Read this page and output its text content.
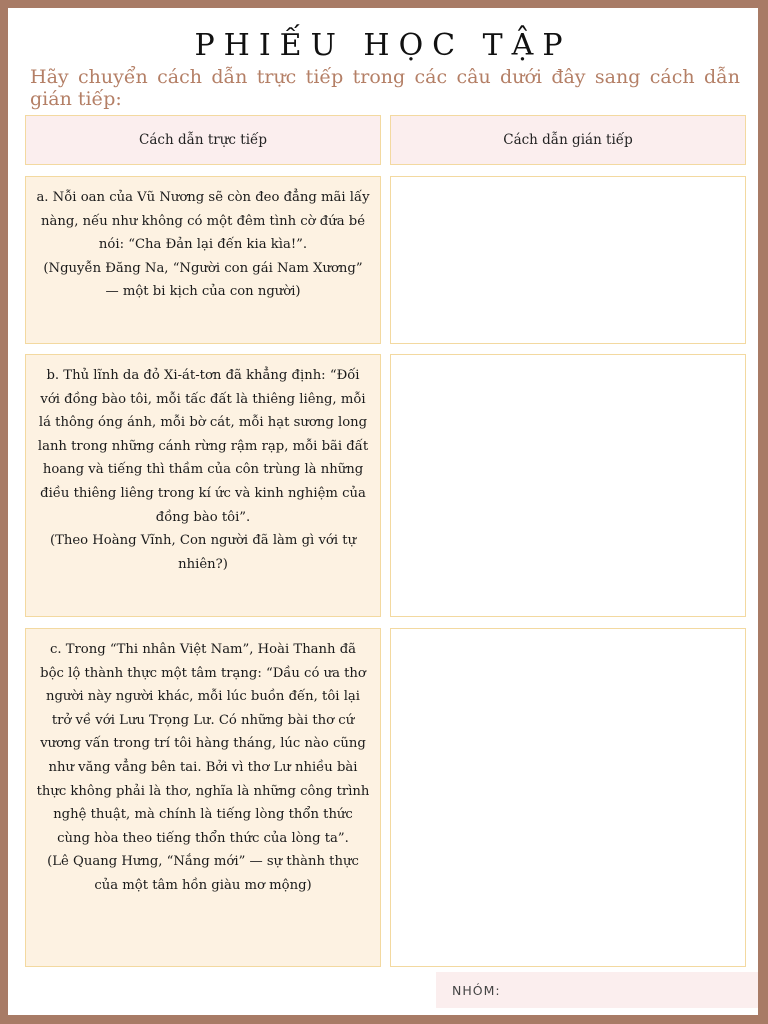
PHIẾU HỌC TẬP
Hãy chuyển cách dẫn trực tiếp trong các câu dưới đây sang cách dẫn gián tiếp:
Cách dẫn trực tiếp	Cách dẫn gián tiếp

a. Nỗi oan của Vũ Nương sẽ còn đeo đẳng mãi lấy nàng, nếu như không có một đêm tình cờ đứa bé nói: “Cha Đản lại đến kia kìa!”.

(Nguyễn Đăng Na, “Người con gái Nam Xương” — một bi kịch của con người)

b. Thủ lĩnh da đỏ Xi-át-tơn đã khẳng định: “Đối với đồng bào tôi, mỗi tấc đất là thiêng liêng, mỗi lá thông óng ánh, mỗi bờ cát, mỗi hạt sương long lanh trong những cánh rừng rậm rạp, mỗi bãi đất hoang và tiếng thì thầm của côn trùng là những điều thiêng liêng trong kí ức và kinh nghiệm của đồng bào tôi”.

(Theo Hoàng Vĩnh, Con người đã làm gì với tự nhiên?)

c. Trong “Thi nhân Việt Nam”, Hoài Thanh đã bộc lộ thành thực một tâm trạng: “Dầu có ưa thơ người này người khác, mỗi lúc buồn đến, tôi lại trở về với Lưu Trọng Lư. Có những bài thơ cứ vương vấn trong trí tôi hàng tháng, lúc nào cũng như văng vẳng bên tai. Bởi vì thơ Lư nhiều bài thực không phải là thơ, nghĩa là những công trình nghệ thuật, mà chính là tiếng lòng thổn thức cùng hòa theo tiếng thổn thức của lòng ta”.

(Lê Quang Hưng, “Nắng mới” — sự thành thực của một tâm hồn giàu mơ mộng)

NHÓM:
